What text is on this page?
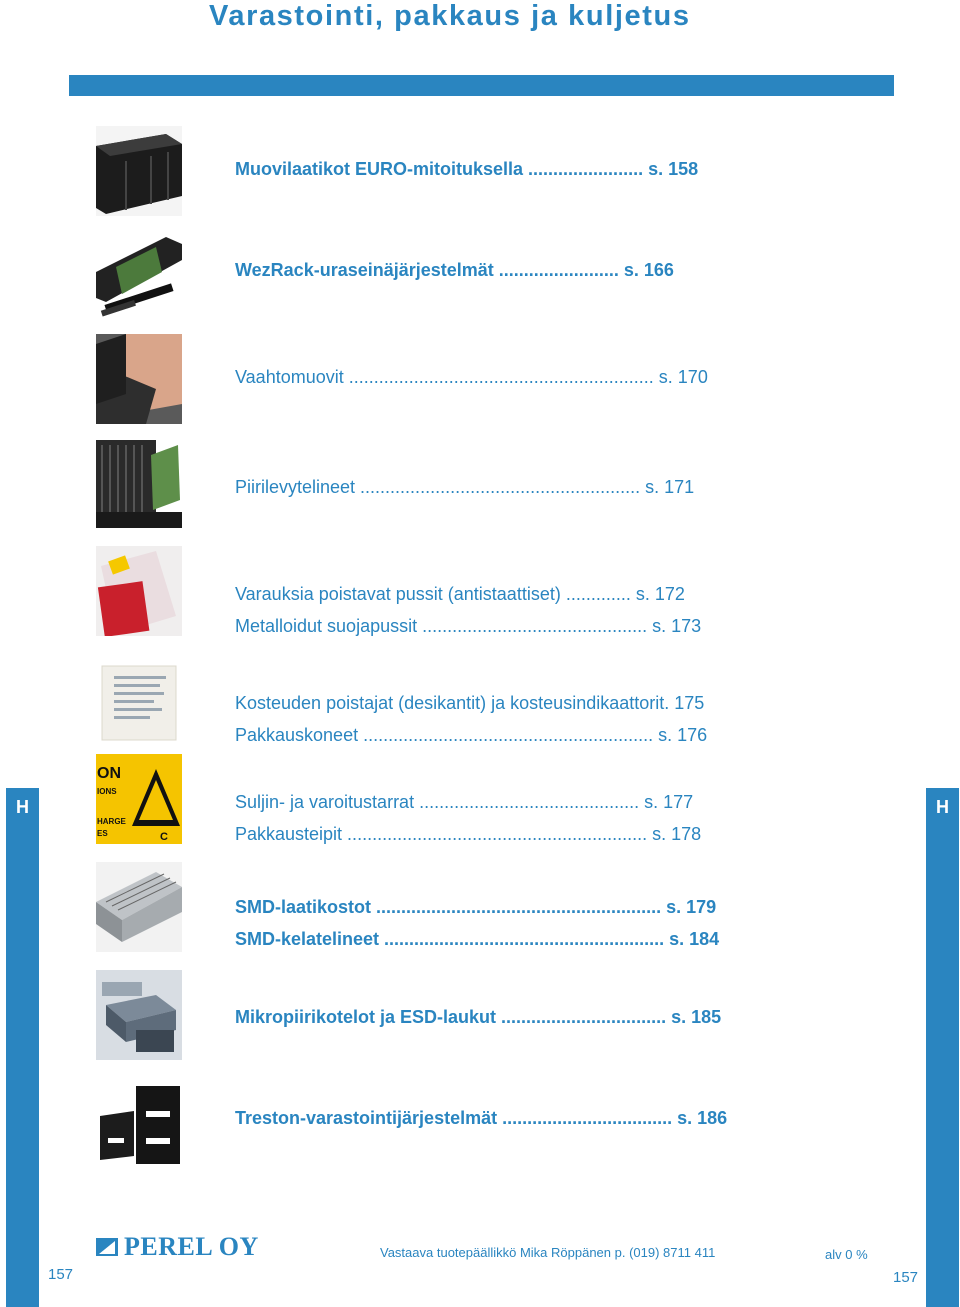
Varastointi, pakkaus ja kuljetus
H	H
ON
IONS
HARGE
ES	C
Muovilaatikot EURO-mitoituksella ....................... s. 158
WezRack-uraseinäjärjestelmät ........................ s. 166
Vaahtomuovit ............................................................. s. 170
Piirilevytelineet ........................................................ s. 171
Varauksia poistavat pussit (antistaattiset) ............. s. 172
Metalloidut suojapussit ............................................. s. 173
Kosteuden poistajat (desikantit) ja kosteusindikaattorit. 175
Pakkauskoneet .......................................................... s. 176
Suljin- ja varoitustarrat ............................................ s. 177
Pakkausteipit ............................................................ s. 178
SMD-laatikostot ......................................................... s. 179
SMD-kelatelineet ........................................................ s. 184
Mikropiirikotelot ja ESD-laukut ................................. s. 185
Treston-varastointijärjestelmät .................................. s. 186
PEREL OY	Vastaava tuotepäällikkö Mika Röppänen p. (019) 8711 411	alv 0 %
157	157
